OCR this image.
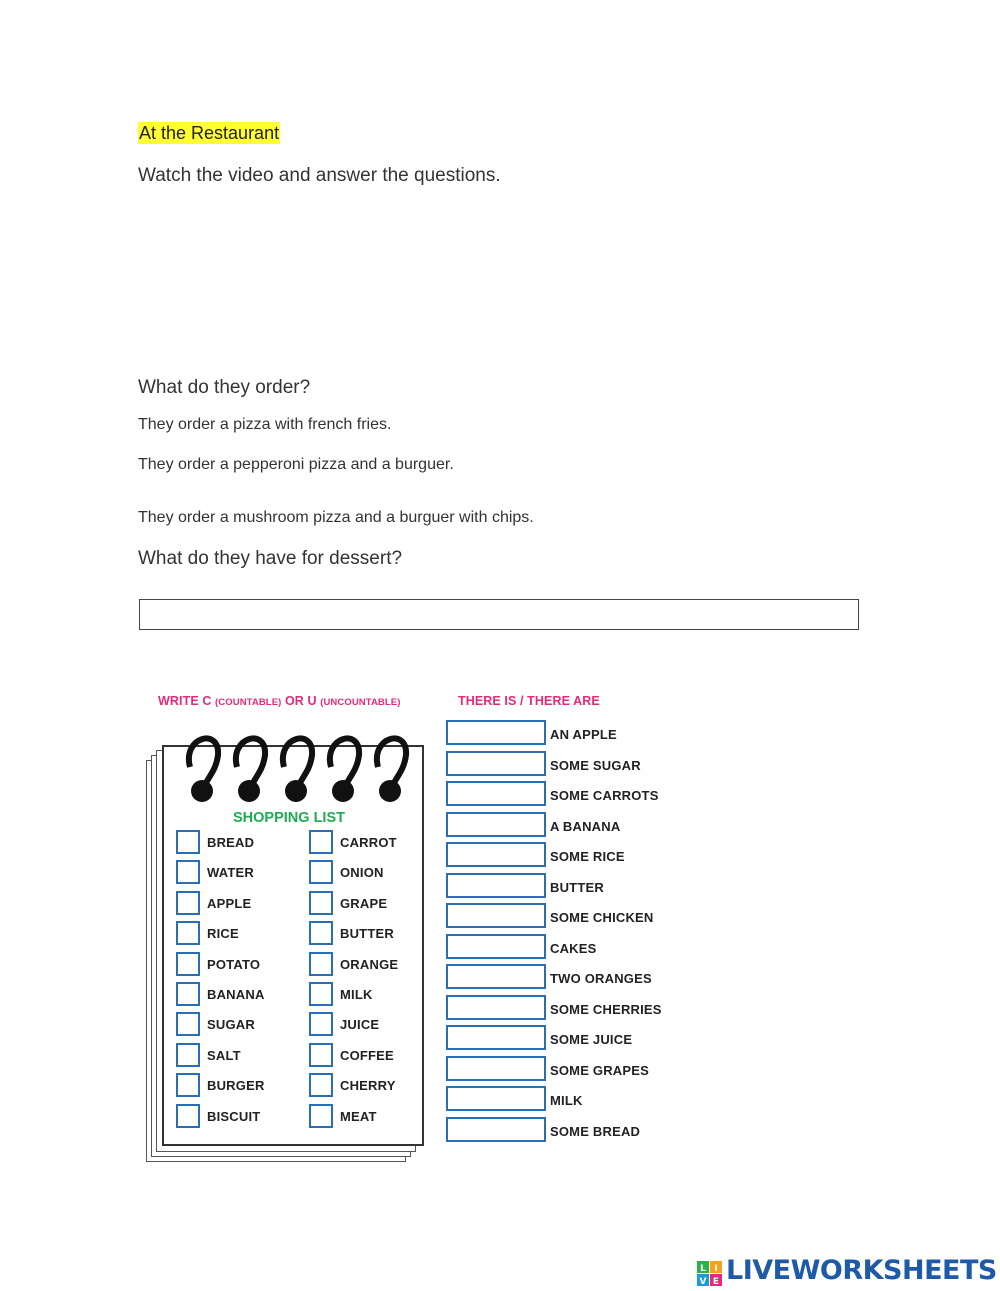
At the Restaurant
Watch the video and answer the questions.
What do they order?
They order a pizza with french fries.
They order a pepperoni pizza and a burguer.
They order a mushroom pizza and a burguer with chips.
What do they have for dessert?
WRITE C (COUNTABLE) OR U (UNCOUNTABLE)
SHOPPING LIST
BREAD	CARROT
WATER	ONION
APPLE	GRAPE
RICE	BUTTER
POTATO	ORANGE
BANANA	MILK
SUGAR	JUICE
SALT	COFFEE
BURGER	CHERRY
BISCUIT	MEAT
THERE IS / THERE ARE
AN APPLE
SOME SUGAR
SOME CARROTS
A BANANA
SOME RICE
BUTTER
SOME CHICKEN
CAKES
TWO ORANGES
SOME CHERRIES
SOME JUICE
SOME GRAPES
MILK
SOME BREAD
L I
V E LIVEWORKSHEETS
